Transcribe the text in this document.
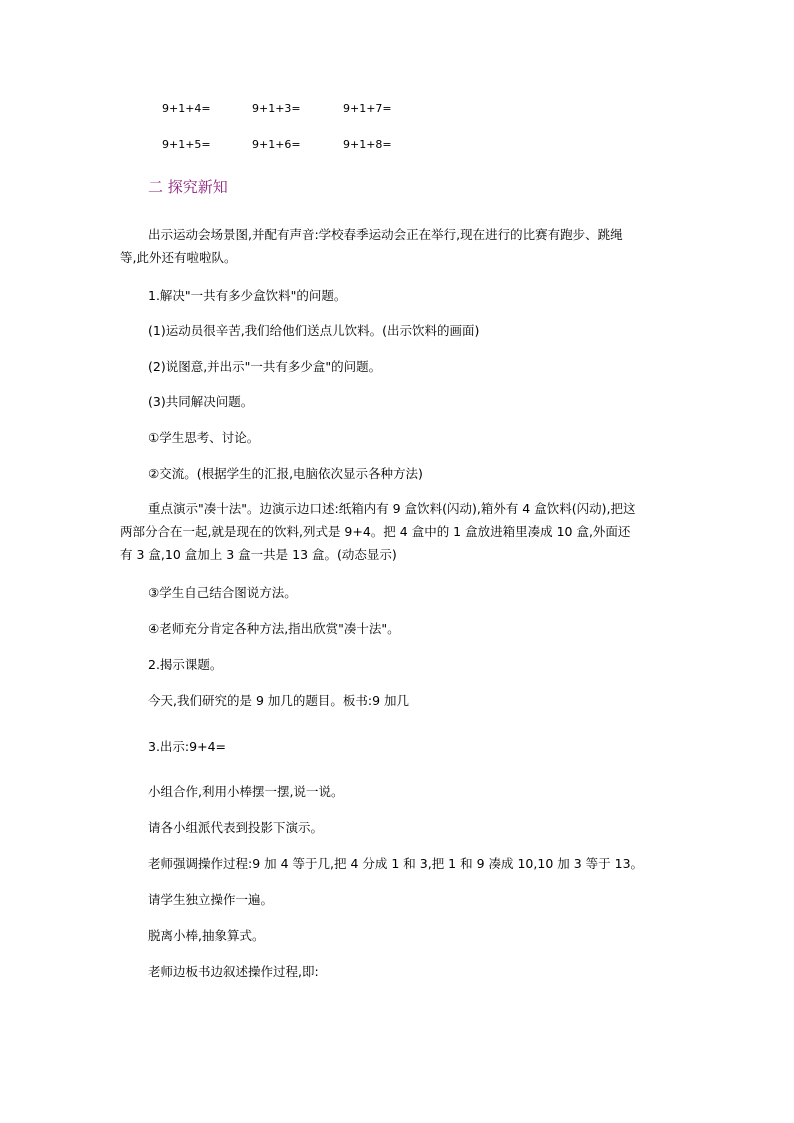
9+1+4=	9+1+3=	9+1+7=
9+1+5=	9+1+6=	9+1+8=
二 探究新知
出示运动会场景图,并配有声音:学校春季运动会正在举行,现在进行的比赛有跑步、跳绳
等,此外还有啦啦队。
1.解决"一共有多少盒饮料"的问题。
(1)运动员很辛苦,我们给他们送点儿饮料。(出示饮料的画面)
(2)说图意,并出示"一共有多少盒"的问题。
(3)共同解决问题。
①学生思考、讨论。
②交流。(根据学生的汇报,电脑依次显示各种方法)
重点演示"凑十法"。边演示边口述:纸箱内有 9 盒饮料(闪动),箱外有 4 盒饮料(闪动),把这
两部分合在一起,就是现在的饮料,列式是 9+4。把 4 盒中的 1 盒放进箱里凑成 10 盒,外面还
有 3 盒,10 盒加上 3 盒一共是 13 盒。(动态显示)
③学生自己结合图说方法。
④老师充分肯定各种方法,指出欣赏"凑十法"。
2.揭示课题。
今天,我们研究的是 9 加几的题目。板书:9 加几
3.出示:9+4=
小组合作,利用小棒摆一摆,说一说。
请各小组派代表到投影下演示。
老师强调操作过程:9 加 4 等于几,把 4 分成 1 和 3,把 1 和 9 凑成 10,10 加 3 等于 13。
请学生独立操作一遍。
脱离小棒,抽象算式。
老师边板书边叙述操作过程,即:
